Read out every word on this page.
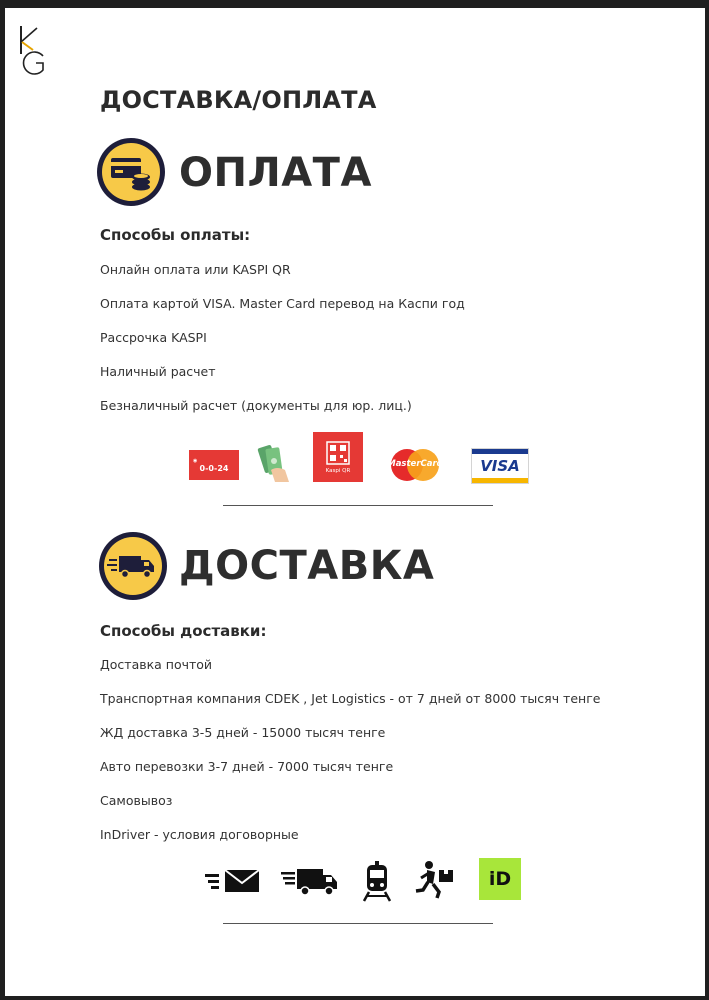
ДОСТАВКА/ОПЛАТА
ОПЛАТА
Способы оплаты:
Онлайн оплата или KASPI QR
Оплата картой VISA. Master Card перевод на Каспи год
Рассрочка KASPI
Наличный расчет
Безналичный расчет (документы для юр. лиц.)
◉
0-0-24	Kaspi QR
MasterCard	VISA
ДОСТАВКА
Способы доставки:
Доставка почтой
Транспортная компания CDEK , Jet Logistics - от 7 дней от 8000 тысяч тенге
ЖД доставка 3-5 дней - 15000 тысяч тенге
Авто перевозки 3-7 дней - 7000 тысяч тенге
Самовывоз
InDriver - условия договорные
iD
